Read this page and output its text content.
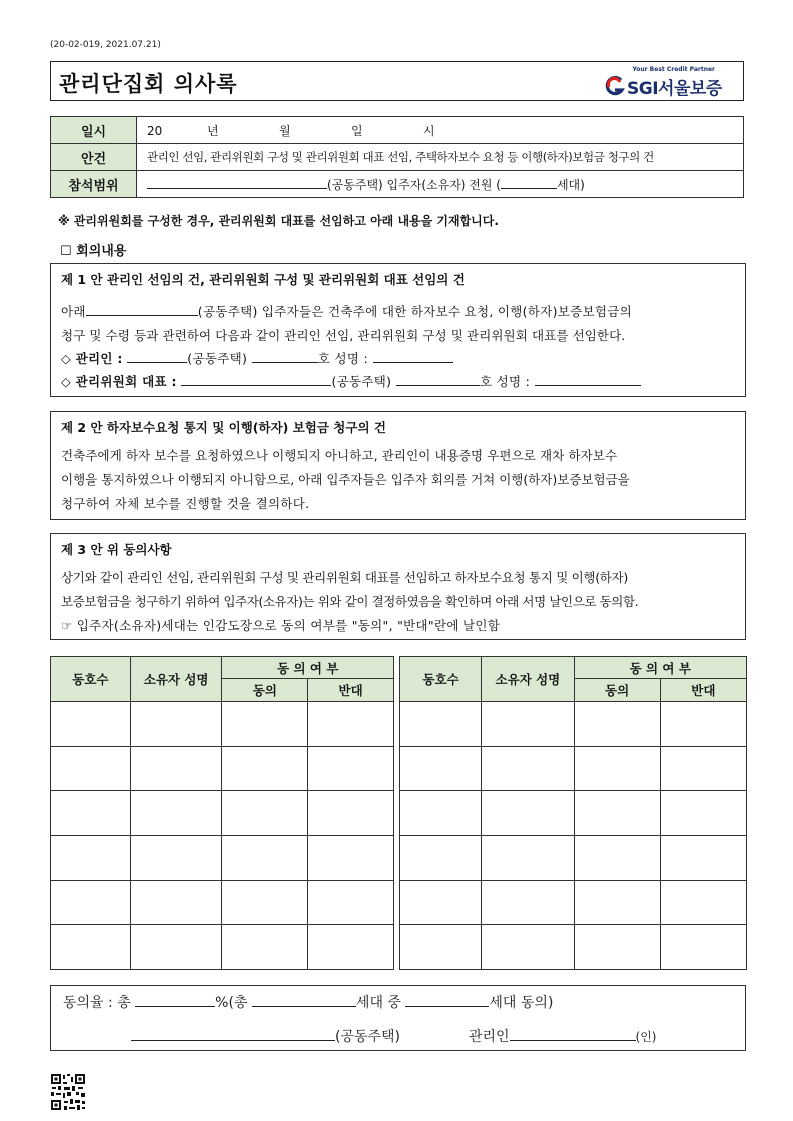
(20-02-019, 2021.07.21)
관리단집회 의사록
Your Best Credit Partner
SGI서울보증
일시	20 년 월 일 시
안건	관리인 선임, 관리위원회 구성 및 관리위원회 대표 선임, 주택하자보수 요청 등 이행(하자)보험금 청구의 건
참석범위	(공동주택) 입주자(소유자) 전원 ( 세대)
※ 관리위원회를 구성한 경우, 관리위원회 대표를 선임하고 아래 내용을 기재합니다.
☐ 회의내용
제 1 안 관리인 선임의 건, 관리위원회 구성 및 관리위원회 대표 선임의 건
아래	(공동주택) 입주자들은 건축주에 대한 하자보수 요청, 이행(하자)보증보험금의
청구 및 수령 등과 관련하여 다음과 같이 관리인 선임, 관리위원회 구성 및 관리위원회 대표를 선임한다.
◇ 관리인 :	(공동주택)	호 성명 :
◇ 관리위원회 대표 :	(공동주택)	호 성명 :
제 2 안 하자보수요청 통지 및 이행(하자) 보험금 청구의 건
건축주에게 하자 보수를 요청하였으나 이행되지 아니하고, 관리인이 내용증명 우편으로 재차 하자보수
이행을 통지하였으나 이행되지 아니함으로, 아래 입주자들은 입주자 회의를 거쳐 이행(하자)보증보험금을
청구하여 자체 보수를 진행할 것을 결의하다.
제 3 안 위 동의사항
상기와 같이 관리인 선임, 관리위원회 구성 및 관리위원회 대표를 선임하고 하자보수요청 통지 및 이행(하자)
보증보험금을 청구하기 위하여 입주자(소유자)는 위와 같이 결정하였음을 확인하며 아래 서명 날인으로 동의함.
☞ 입주자(소유자)세대는 인감도장으로 동의 여부를 "동의", "반대"란에 날인함
동호수	소유자 성명	동 의 여 부	
		동의	반대

동호수	소유자 성명	동 의 여 부	
		동의	반대

동의율 : 총	%(총	세대 중	세대 동의)
(공동주택)	관리인	(인)
